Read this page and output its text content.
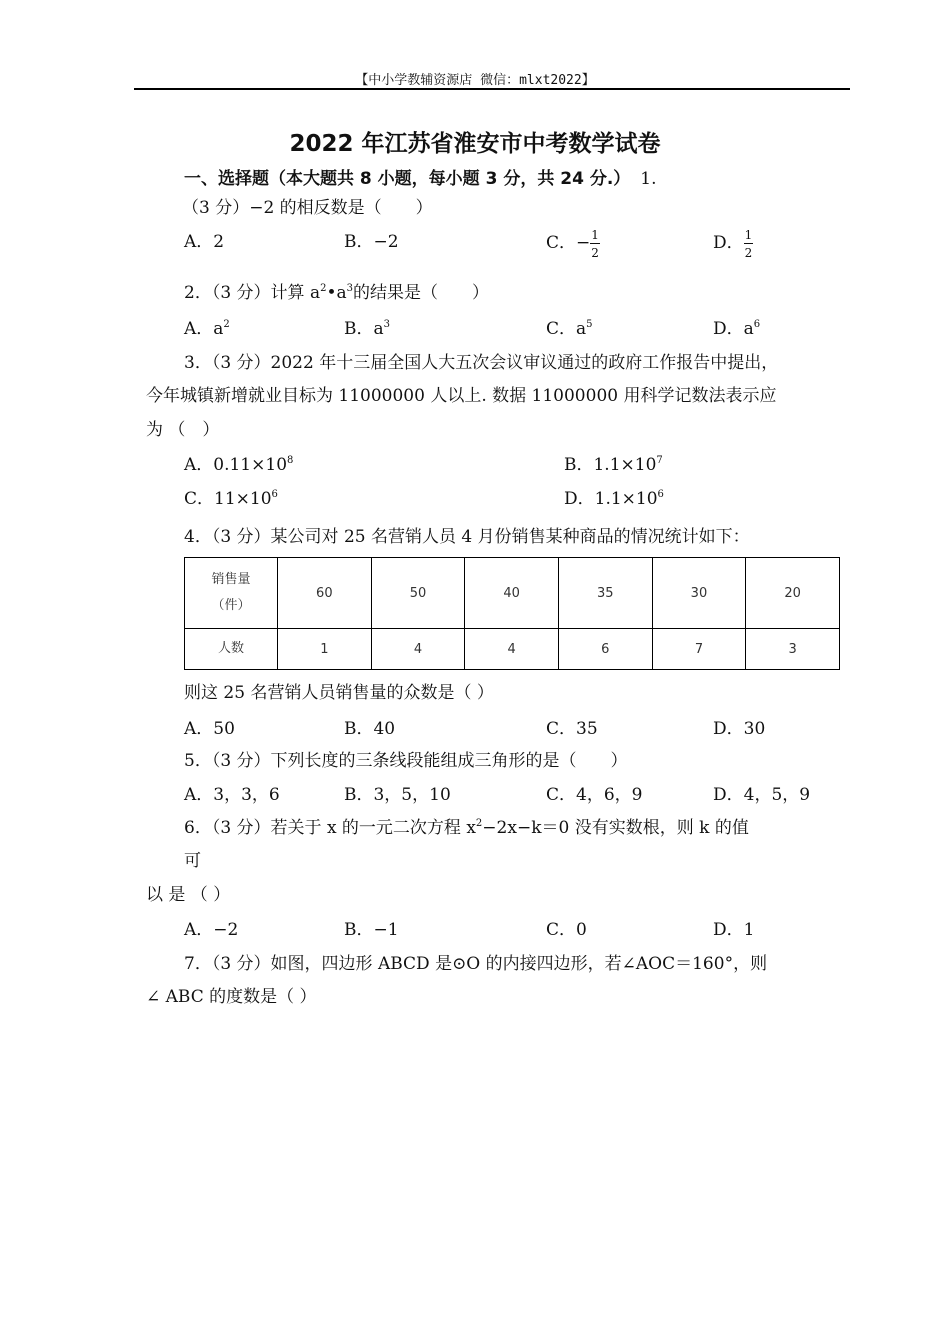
【中小学教辅资源店 微信：mlxt2022】
2022 年江苏省淮安市中考数学试卷
一、选择题（本大题共 8 小题，每小题 3 分，共 24 分.） 1.
（3 分）−2 的相反数是（　　）
A．2	B．−2	C．− $\frac{1}{2}$	D． $\frac{1}{2}$
2．（3 分）计算 $a^2•a^3$的结果是（　　）
A．$a^2$	B．$a^3$	C．$a^5$	D．$a^6$
3．（3 分）2022 年十三届全国人大五次会议审议通过的政府工作报告中提出，
今年城镇新增就业目标为 11000000 人以上. 数据 11000000 用科学记数法表示应
为 （　）
A．$0.11\times 10^8$	B．$1.1\times 10^7$
C．$11\times 10^6$	D．$1.1\times 10^6$
4．（3 分）某公司对 25 名营销人员 4 月份销售某种商品的情况统计如下：
销售量
（件）	60	50	40	35	30	20
人数	1	4	4	6	7	3
则这 25 名营销人员销售量的众数是（ ）
A．50	B．40	C．35	D．30
5．（3 分）下列长度的三条线段能组成三角形的是（　　）
A．3，3，6	B．3，5，10	C．4，6，9	D．4，5，9
6．（3 分）若关于 x 的一元二次方程 $x^2-2x-k=0$ 没有实数根，则 k 的值
可
以 是 （ ）
A．−2	B．−1	C．0	D．1
7．（3 分）如图，四边形 ABCD 是⊙O 的内接四边形，若∠AOC＝160°，则
∠ ABC 的度数是（ ）
